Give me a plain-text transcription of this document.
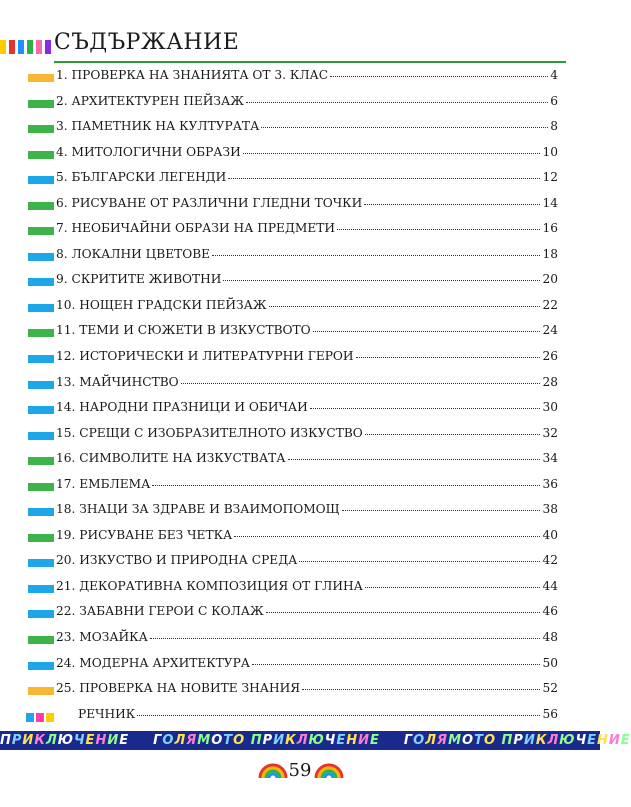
СЪДЪРЖАНИЕ
1. ПРОВЕРКА НА ЗНАНИЯТА ОТ 3. КЛАС	4
2. АРХИТЕКТУРЕН ПЕЙЗАЖ	6
3. ПАМЕТНИК НА КУЛТУРАТА	8
4. МИТОЛОГИЧНИ ОБРАЗИ	10
5. БЪЛГАРСКИ ЛЕГЕНДИ	12
6. РИСУВАНЕ ОТ РАЗЛИЧНИ ГЛЕДНИ ТОЧКИ	14
7. НЕОБИЧАЙНИ ОБРАЗИ НА ПРЕДМЕТИ	16
8. ЛОКАЛНИ ЦВЕТОВЕ	18
9. СКРИТИТЕ ЖИВОТНИ	20
10. НОЩЕН ГРАДСКИ ПЕЙЗАЖ	22
11. ТЕМИ И СЮЖЕТИ В ИЗКУСТВОТО	24
12. ИСТОРИЧЕСКИ И ЛИТЕРАТУРНИ ГЕРОИ	26
13. МАЙЧИНСТВО	28
14. НАРОДНИ ПРАЗНИЦИ И ОБИЧАИ	30
15. СРЕЩИ С ИЗОБРАЗИТЕЛНОТО ИЗКУСТВО	32
16. СИМВОЛИТЕ НА ИЗКУСТВАТА	34
17. ЕМБЛЕМА	36
18. ЗНАЦИ ЗА ЗДРАВЕ И ВЗАИМОПОМОЩ	38
19. РИСУВАНЕ БЕЗ ЧЕТКА	40
20. ИЗКУСТВО И ПРИРОДНА СРЕДА	42
21. ДЕКОРАТИВНА КОМПОЗИЦИЯ ОТ ГЛИНА	44
22. ЗАБАВНИ ГЕРОИ С КОЛАЖ	46
23. МОЗАЙКА	48
24. МОДЕРНА АРХИТЕКТУРА	50
25. ПРОВЕРКА НА НОВИТЕ ЗНАНИЯ	52
РЕЧНИК	56
ПРИКЛЮЧЕНИЕ ГОЛЯМОТО ПРИКЛЮЧЕНИЕ ГОЛЯМОТО ПРИКЛЮЧЕНИЕ
59
